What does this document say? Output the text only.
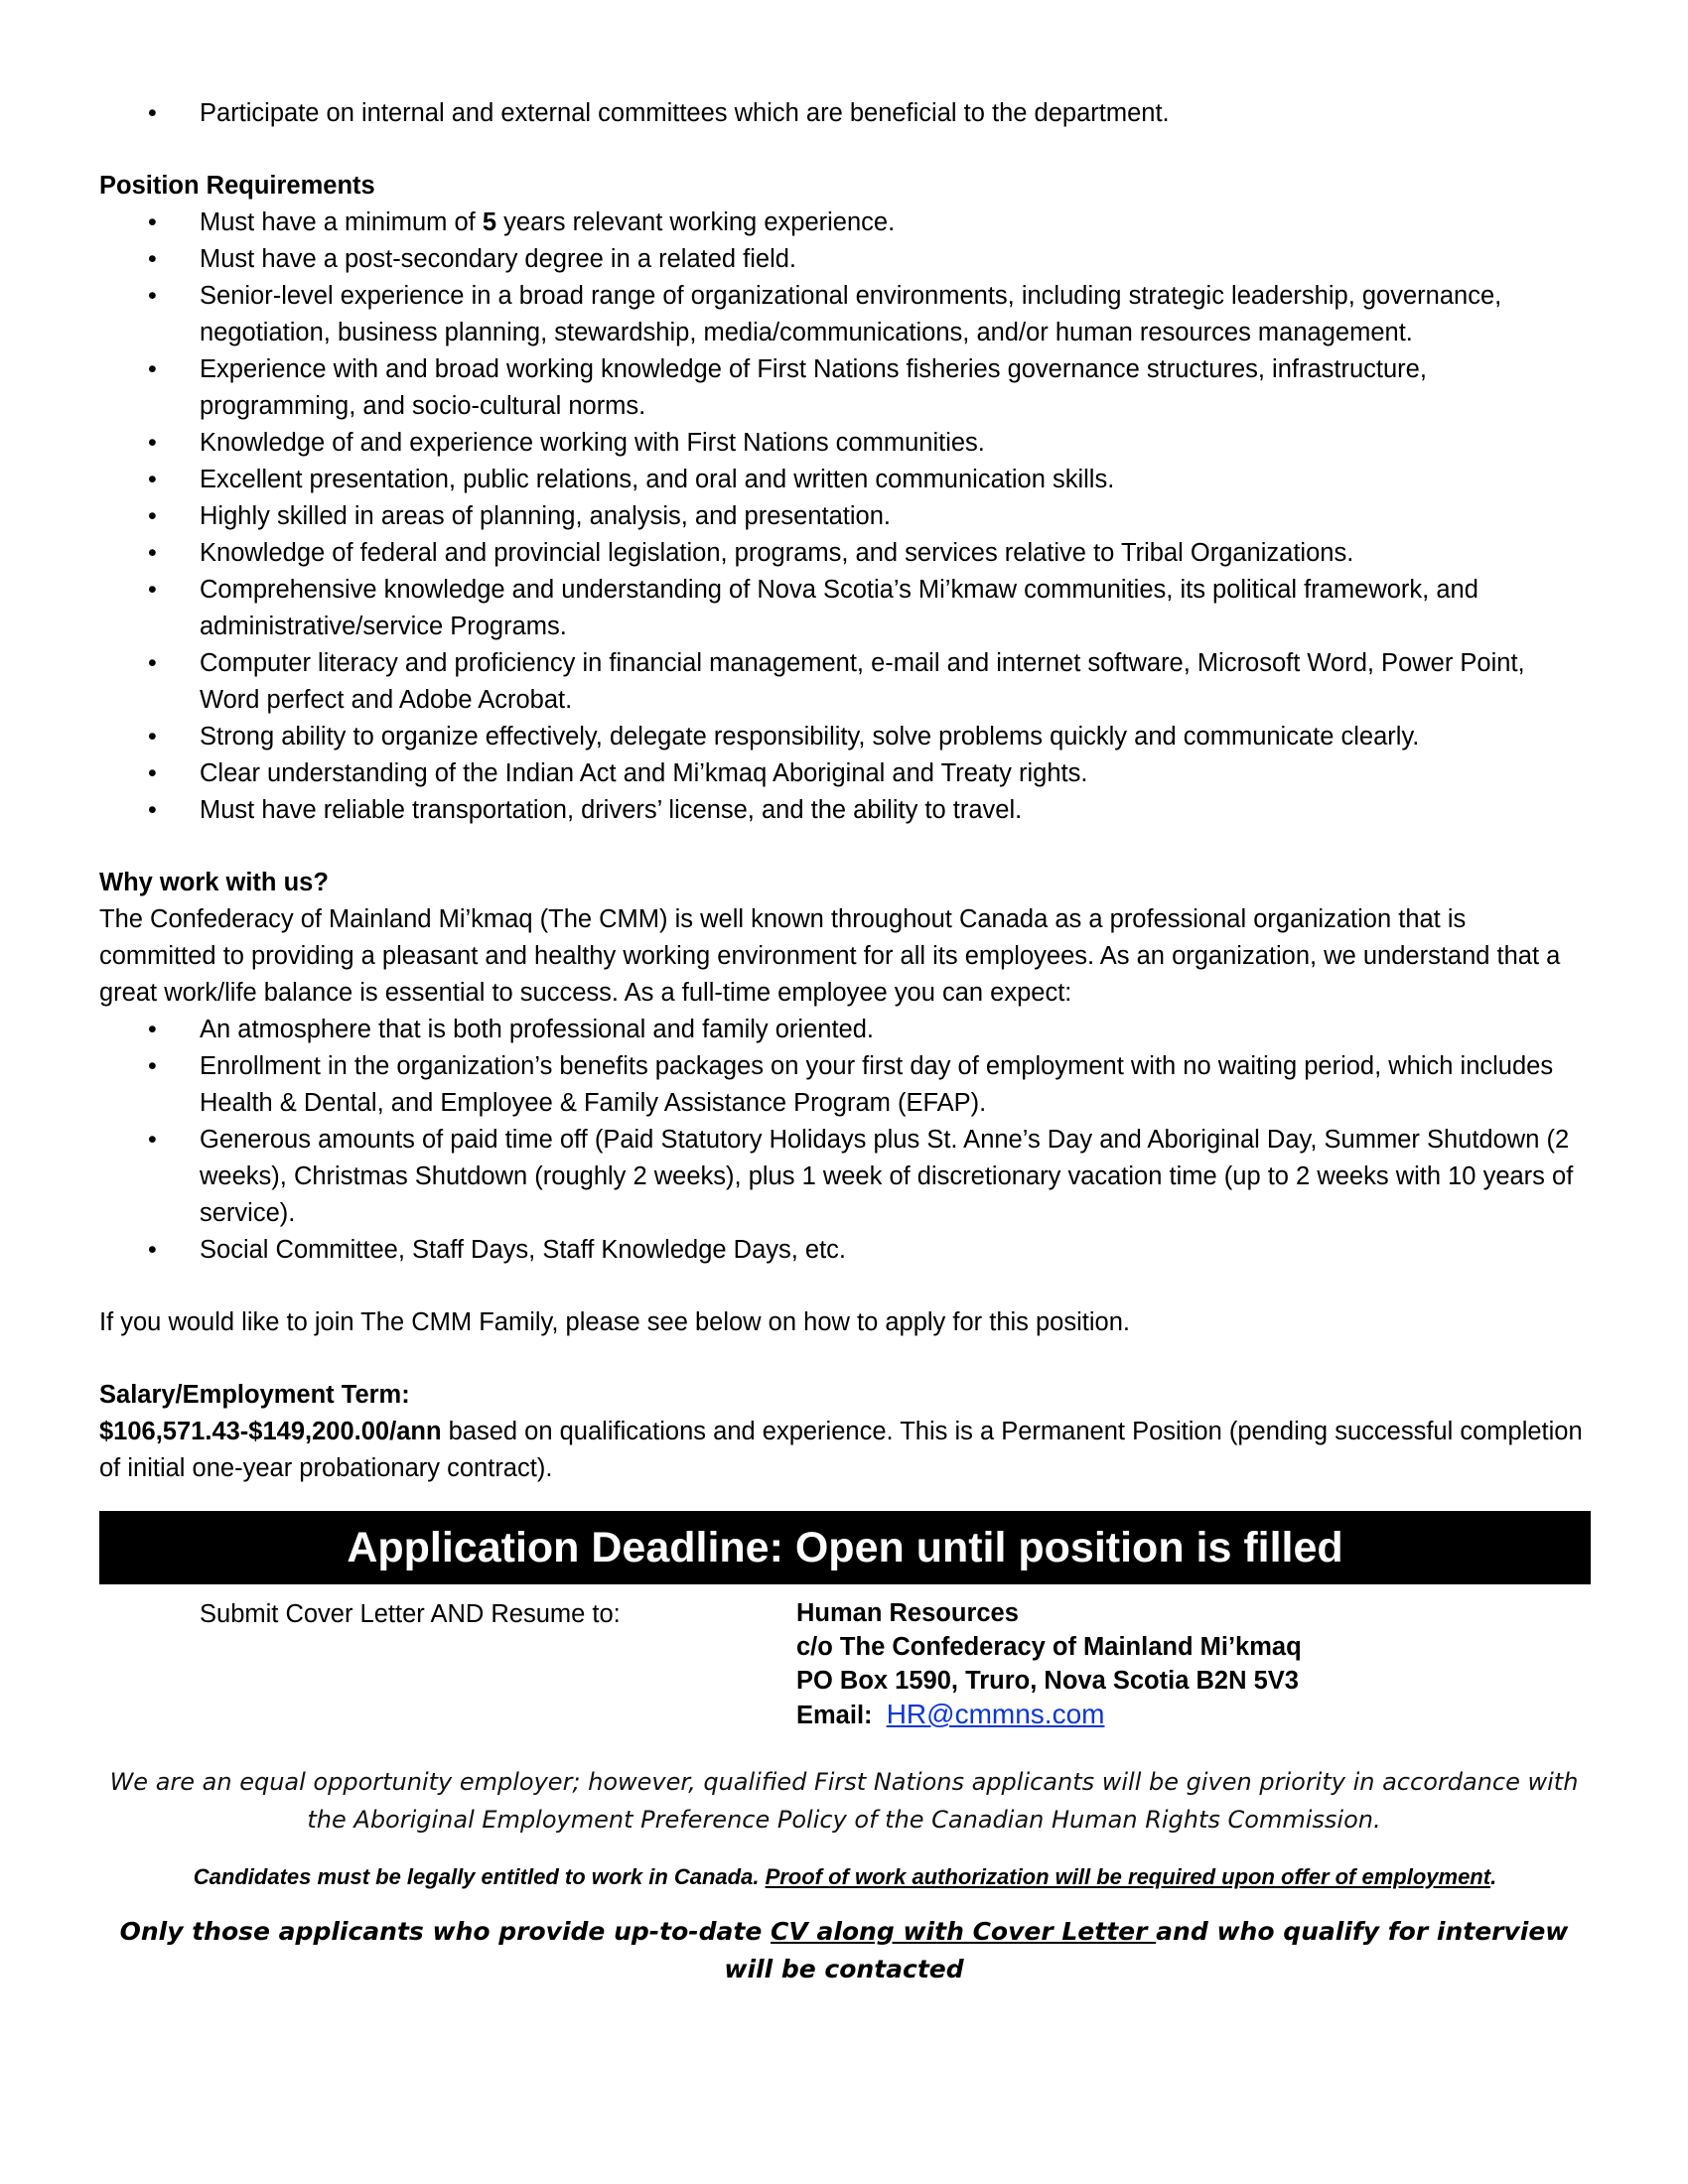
• Participate on internal and external committees which are beneficial to the department.
Position Requirements
• Must have a minimum of 5 years relevant working experience.
• Must have a post-secondary degree in a related field.
• Senior-level experience in a broad range of organizational environments, including strategic leadership, governance, negotiation, business planning, stewardship, media/communications, and/or human resources management.
• Experience with and broad working knowledge of First Nations fisheries governance structures, infrastructure, programming, and socio-cultural norms.
• Knowledge of and experience working with First Nations communities.
• Excellent presentation, public relations, and oral and written communication skills.
• Highly skilled in areas of planning, analysis, and presentation.
• Knowledge of federal and provincial legislation, programs, and services relative to Tribal Organizations.
• Comprehensive knowledge and understanding of Nova Scotia’s Mi’kmaw communities, its political framework, and administrative/service Programs.
• Computer literacy and proficiency in financial management, e-mail and internet software, Microsoft Word, Power Point, Word perfect and Adobe Acrobat.
• Strong ability to organize effectively, delegate responsibility, solve problems quickly and communicate clearly.
• Clear understanding of the Indian Act and Mi’kmaq Aboriginal and Treaty rights.
• Must have reliable transportation, drivers’ license, and the ability to travel.
Why work with us?

The Confederacy of Mainland Mi’kmaq (The CMM) is well known throughout Canada as a professional organization that is committed to providing a pleasant and healthy working environment for all its employees. As an organization, we understand that a great work/life balance is essential to success. As a full-time employee you can expect:

• An atmosphere that is both professional and family oriented.
• Enrollment in the organization’s benefits packages on your first day of employment with no waiting period, which includes Health & Dental, and Employee & Family Assistance Program (EFAP).
• Generous amounts of paid time off (Paid Statutory Holidays plus St. Anne’s Day and Aboriginal Day, Summer Shutdown (2 weeks), Christmas Shutdown (roughly 2 weeks), plus 1 week of discretionary vacation time (up to 2 weeks with 10 years of service).
• Social Committee, Staff Days, Staff Knowledge Days, etc.

If you would like to join The CMM Family, please see below on how to apply for this position.

Salary/Employment Term:

$106,571.43-$149,200.00/ann based on qualifications and experience. This is a Permanent Position (pending successful completion of initial one-year probationary contract).

Application Deadline: Open until position is filled
Submit Cover Letter AND Resume to:	Human Resources
c/o The Confederacy of Mainland Mi’kmaq
PO Box 1590, Truro, Nova Scotia B2N 5V3
Email: HR@cmmns.com
We are an equal opportunity employer; however, qualified First Nations applicants will be given priority in accordance with the Aboriginal Employment Preference Policy of the Canadian Human Rights Commission.
Candidates must be legally entitled to work in Canada. Proof of work authorization will be required upon offer of employment.
Only those applicants who provide up-to-date CV along with Cover Letter and who qualify for interview will be contacted
